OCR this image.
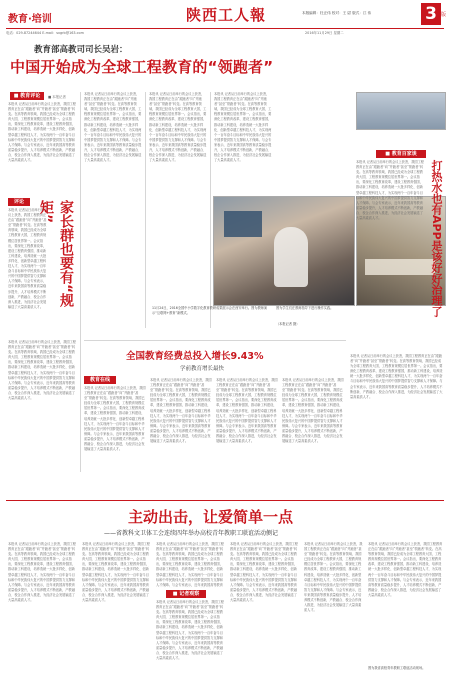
教育·培训	陕西工人報	本版编辑：杜正伟 校对：王 尉 版式：江 伟	3 版
电话：029-87244644 E-mail：sxgrb@163.com	2016年11月29日 星期二
教育部高教司司长吴岩：
中国开始成为全球工程教育的“领跑者”
■ 教育评论	■ 本报记者
本报讯 记者从日前举行的会议上获悉，我国工程教育正在由“跟跑者”向“并跑者”甚至“领跑者”转变。在高等教育领域，我国已经成为全球工程教育大国，工程教育规模位居世界第一。会议指出，要深化工程教育改革，建设工程教育强国，推动新工科建设，培养造就一大批多样化、创新型卓越工程科技人才，为实现两个一百年奋斗目标和中华民族伟大复兴的中国梦提供智力支撑和人才保障。与会专家表示，近年来我国高等教育质量稳步提升，人才培养模式不断创新，产教融合、校企合作深入推进，为经济社会发展输送了大量高素质人才。
评论
本报讯 记者从日前举行的会议上获悉，我国工程教育正在由“跟跑者”向“并跑者”甚至“领跑者”转变。在高等教育领域，我国已经成为全球工程教育大国，工程教育规模位居世界第一。会议指出，要深化工程教育改革，建设工程教育强国，推动新工科建设，培养造就一大批多样化、创新型卓越工程科技人才，为实现两个一百年奋斗目标和中华民族伟大复兴的中国梦提供智力支撑和人才保障。与会专家表示，近年来我国高等教育质量稳步提升，人才培养模式不断创新，产教融合、校企合作深入推进，为经济社会发展输送了大量高素质人才。	家长群也要有“规矩”
本报讯 记者从日前举行的会议上获悉，我国工程教育正在由“跟跑者”向“并跑者”甚至“领跑者”转变。在高等教育领域，我国已经成为全球工程教育大国，工程教育规模位居世界第一。会议指出，要深化工程教育改革，建设工程教育强国，推动新工科建设，培养造就一大批多样化、创新型卓越工程科技人才，为实现两个一百年奋斗目标和中华民族伟大复兴的中国梦提供智力支撑和人才保障。与会专家表示，近年来我国高等教育质量稳步提升，人才培养模式不断创新，产教融合、校企合作深入推进，为经济社会发展输送了大量高素质人才。
本报讯 记者从日前举行的会议上获悉，我国工程教育正在由“跟跑者”向“并跑者”甚至“领跑者”转变。在高等教育领域，我国已经成为全球工程教育大国，工程教育规模位居世界第一。会议指出，要深化工程教育改革，建设工程教育强国，推动新工科建设，培养造就一大批多样化、创新型卓越工程科技人才，为实现两个一百年奋斗目标和中华民族伟大复兴的中国梦提供智力支撑和人才保障。与会专家表示，近年来我国高等教育质量稳步提升，人才培养模式不断创新，产教融合、校企合作深入推进，为经济社会发展输送了大量高素质人才。
本报讯 记者从日前举行的会议上获悉，我国工程教育正在由“跟跑者”向“并跑者”甚至“领跑者”转变。在高等教育领域，我国已经成为全球工程教育大国，工程教育规模位居世界第一。会议指出，要深化工程教育改革，建设工程教育强国，推动新工科建设，培养造就一大批多样化、创新型卓越工程科技人才，为实现两个一百年奋斗目标和中华民族伟大复兴的中国梦提供智力支撑和人才保障。与会专家表示，近年来我国高等教育质量稳步提升，人才培养模式不断创新，产教融合、校企合作深入推进，为经济社会发展输送了大量高素质人才。
本报讯 记者从日前举行的会议上获悉，我国工程教育正在由“跟跑者”向“并跑者”甚至“领跑者”转变。在高等教育领域，我国已经成为全球工程教育大国，工程教育规模位居世界第一。会议指出，要深化工程教育改革，建设工程教育强国，推动新工科建设，培养造就一大批多样化、创新型卓越工程科技人才，为实现两个一百年奋斗目标和中华民族伟大复兴的中国梦提供智力支撑和人才保障。与会专家表示，近年来我国高等教育质量稳步提升，人才培养模式不断创新，产教融合、校企合作深入推进，为经济社会发展输送了大量高素质人才。
11月24日，2016全国中小学数字化教育教研成果展示会在西安举行。图为教师演示“互联网+教育”新模式。
图为学生们在教师指导下进行操作实践。
（本报记者 摄）
■ 教育百家谈
本报讯 记者从日前举行的会议上获悉，我国工程教育正在由“跟跑者”向“并跑者”甚至“领跑者”转变。在高等教育领域，我国已经成为全球工程教育大国，工程教育规模位居世界第一。会议指出，要深化工程教育改革，建设工程教育强国，推动新工科建设，培养造就一大批多样化、创新型卓越工程科技人才，为实现两个一百年奋斗目标和中华民族伟大复兴的中国梦提供智力支撑和人才保障。与会专家表示，近年来我国高等教育质量稳步提升，人才培养模式不断创新，产教融合、校企合作深入推进，为经济社会发展输送了大量高素质人才。	打热水也有APP是该好好治理了
本报讯 记者从日前举行的会议上获悉，我国工程教育正在由“跟跑者”向“并跑者”甚至“领跑者”转变。在高等教育领域，我国已经成为全球工程教育大国，工程教育规模位居世界第一。会议指出，要深化工程教育改革，建设工程教育强国，推动新工科建设，培养造就一大批多样化、创新型卓越工程科技人才，为实现两个一百年奋斗目标和中华民族伟大复兴的中国梦提供智力支撑和人才保障。与会专家表示，近年来我国高等教育质量稳步提升，人才培养模式不断创新，产教融合、校企合作深入推进，为经济社会发展输送了大量高素质人才。
全国教育经费总投入增长9.43%
学前教育增长最快
教育在线
本报讯 记者从日前举行的会议上获悉，我国工程教育正在由“跟跑者”向“并跑者”甚至“领跑者”转变。在高等教育领域，我国已经成为全球工程教育大国，工程教育规模位居世界第一。会议指出，要深化工程教育改革，建设工程教育强国，推动新工科建设，培养造就一大批多样化、创新型卓越工程科技人才，为实现两个一百年奋斗目标和中华民族伟大复兴的中国梦提供智力支撑和人才保障。与会专家表示，近年来我国高等教育质量稳步提升，人才培养模式不断创新，产教融合、校企合作深入推进，为经济社会发展输送了大量高素质人才。
本报讯 记者从日前举行的会议上获悉，我国工程教育正在由“跟跑者”向“并跑者”甚至“领跑者”转变。在高等教育领域，我国已经成为全球工程教育大国，工程教育规模位居世界第一。会议指出，要深化工程教育改革，建设工程教育强国，推动新工科建设，培养造就一大批多样化、创新型卓越工程科技人才，为实现两个一百年奋斗目标和中华民族伟大复兴的中国梦提供智力支撑和人才保障。与会专家表示，近年来我国高等教育质量稳步提升，人才培养模式不断创新，产教融合、校企合作深入推进，为经济社会发展输送了大量高素质人才。
本报讯 记者从日前举行的会议上获悉，我国工程教育正在由“跟跑者”向“并跑者”甚至“领跑者”转变。在高等教育领域，我国已经成为全球工程教育大国，工程教育规模位居世界第一。会议指出，要深化工程教育改革，建设工程教育强国，推动新工科建设，培养造就一大批多样化、创新型卓越工程科技人才，为实现两个一百年奋斗目标和中华民族伟大复兴的中国梦提供智力支撑和人才保障。与会专家表示，近年来我国高等教育质量稳步提升，人才培养模式不断创新，产教融合、校企合作深入推进，为经济社会发展输送了大量高素质人才。
本报讯 记者从日前举行的会议上获悉，我国工程教育正在由“跟跑者”向“并跑者”甚至“领跑者”转变。在高等教育领域，我国已经成为全球工程教育大国，工程教育规模位居世界第一。会议指出，要深化工程教育改革，建设工程教育强国，推动新工科建设，培养造就一大批多样化、创新型卓越工程科技人才，为实现两个一百年奋斗目标和中华民族伟大复兴的中国梦提供智力支撑和人才保障。与会专家表示，近年来我国高等教育质量稳步提升，人才培养模式不断创新，产教融合、校企合作深入推进，为经济社会发展输送了大量高素质人才。
主动出击，让爱简单一点
——省教科文卫体工会连续四年举办高校青年教职工联谊活动侧记
本报讯 记者从日前举行的会议上获悉，我国工程教育正在由“跟跑者”向“并跑者”甚至“领跑者”转变。在高等教育领域，我国已经成为全球工程教育大国，工程教育规模位居世界第一。会议指出，要深化工程教育改革，建设工程教育强国，推动新工科建设，培养造就一大批多样化、创新型卓越工程科技人才，为实现两个一百年奋斗目标和中华民族伟大复兴的中国梦提供智力支撑和人才保障。与会专家表示，近年来我国高等教育质量稳步提升，人才培养模式不断创新，产教融合、校企合作深入推进，为经济社会发展输送了大量高素质人才。
本报讯 记者从日前举行的会议上获悉，我国工程教育正在由“跟跑者”向“并跑者”甚至“领跑者”转变。在高等教育领域，我国已经成为全球工程教育大国，工程教育规模位居世界第一。会议指出，要深化工程教育改革，建设工程教育强国，推动新工科建设，培养造就一大批多样化、创新型卓越工程科技人才，为实现两个一百年奋斗目标和中华民族伟大复兴的中国梦提供智力支撑和人才保障。与会专家表示，近年来我国高等教育质量稳步提升，人才培养模式不断创新，产教融合、校企合作深入推进，为经济社会发展输送了大量高素质人才。
■ 记者观察
本报讯 记者从日前举行的会议上获悉，我国工程教育正在由“跟跑者”向“并跑者”甚至“领跑者”转变。在高等教育领域，我国已经成为全球工程教育大国，工程教育规模位居世界第一。会议指出，要深化工程教育改革，建设工程教育强国，推动新工科建设，培养造就一大批多样化、创新型卓越工程科技人才，为实现两个一百年奋斗目标和中华民族伟大复兴的中国梦提供智力支撑和人才保障。与会专家表示，近年来我国高等教育
本报讯 记者从日前举行的会议上获悉，我国工程教育正在由“跟跑者”向“并跑者”甚至“领跑者”转变。在高等教育领域，我国已经成为全球工程教育大国，工程教育规模位居世界第一。会议指出，要深化工程教育改革，建设工程教育强国，推动新工科建设，培养造就一大批多样化、创新型卓越工程科技人才，为实现两个一百年奋斗目标和中华民族伟大复兴的中国梦提供智力支撑和人才保障。与会专家表示，近年来我国高等教育质量稳步提升，人才培养模式不断创新，产教融合、校企合作深入推进，为经济社会发展输送了大量高素质人才。
本报讯 记者从日前举行的会议上获悉，我国工程教育正在由“跟跑者”向“并跑者”甚至“领跑者”转变。在高等教育领域，我国已经成为全球工程教育大国，工程教育规模位居世界第一。会议指出，要深化工程教育改革，建设工程教育强国，推动新工科建设，培养造就一大批多样化、创新型卓越工程科技人才，为实现两个一百年奋斗目标和中华民族伟大复兴的中国梦提供智力支撑和人才保障。与会专家表示，近年来我国高等教育质量稳步提升，人才培养模式不断创新，产教融合、校企合作深入推进，为经济社会发展输送了大量高素质人才。
本报讯 记者从日前举行的会议上获悉，我国工程教育正在由“跟跑者”向“并跑者”甚至“领跑者”转变。在高等教育领域，我国已经成为全球工程教育大国，工程教育规模位居世界第一。会议指出，要深化工程教育改革，建设工程教育强国，推动新工科建设，培养造就一大批多样化、创新型卓越工程科技人才，为实现两个一百年奋斗目标和中华民族伟大复兴的中国梦提供智力支撑和人才保障。与会专家表示，近年来我国高等教育质量稳步提升，人才培养模式不断创新，产教融合、校企合作深入推进，为经济社会发展输送了大量高素质人才。
本报讯 记者从日前举行的会议上获悉，我国工程教育正在由“跟跑者”向“并跑者”甚至“领跑者”转变。在高等教育领域，我国已经成为全球工程教育大国，工程教育规模位居世界第一。会议指出，要深化工程教育改革，建设工程教育强国，推动新工科建设，培养造就一大批多样化、创新型卓越工程科技人才，为实现两个一百年奋斗目标和中华民族伟大复兴的中国梦提供智力支撑和人才保障。与会专家表示，近年来我国高等教育质量稳步提升，人才培养模式不断创新，产教融合、校企合作深入推进，为经济社会发展输送了大量高素质人才。
图为我省高校青年教职工联谊活动现场。
